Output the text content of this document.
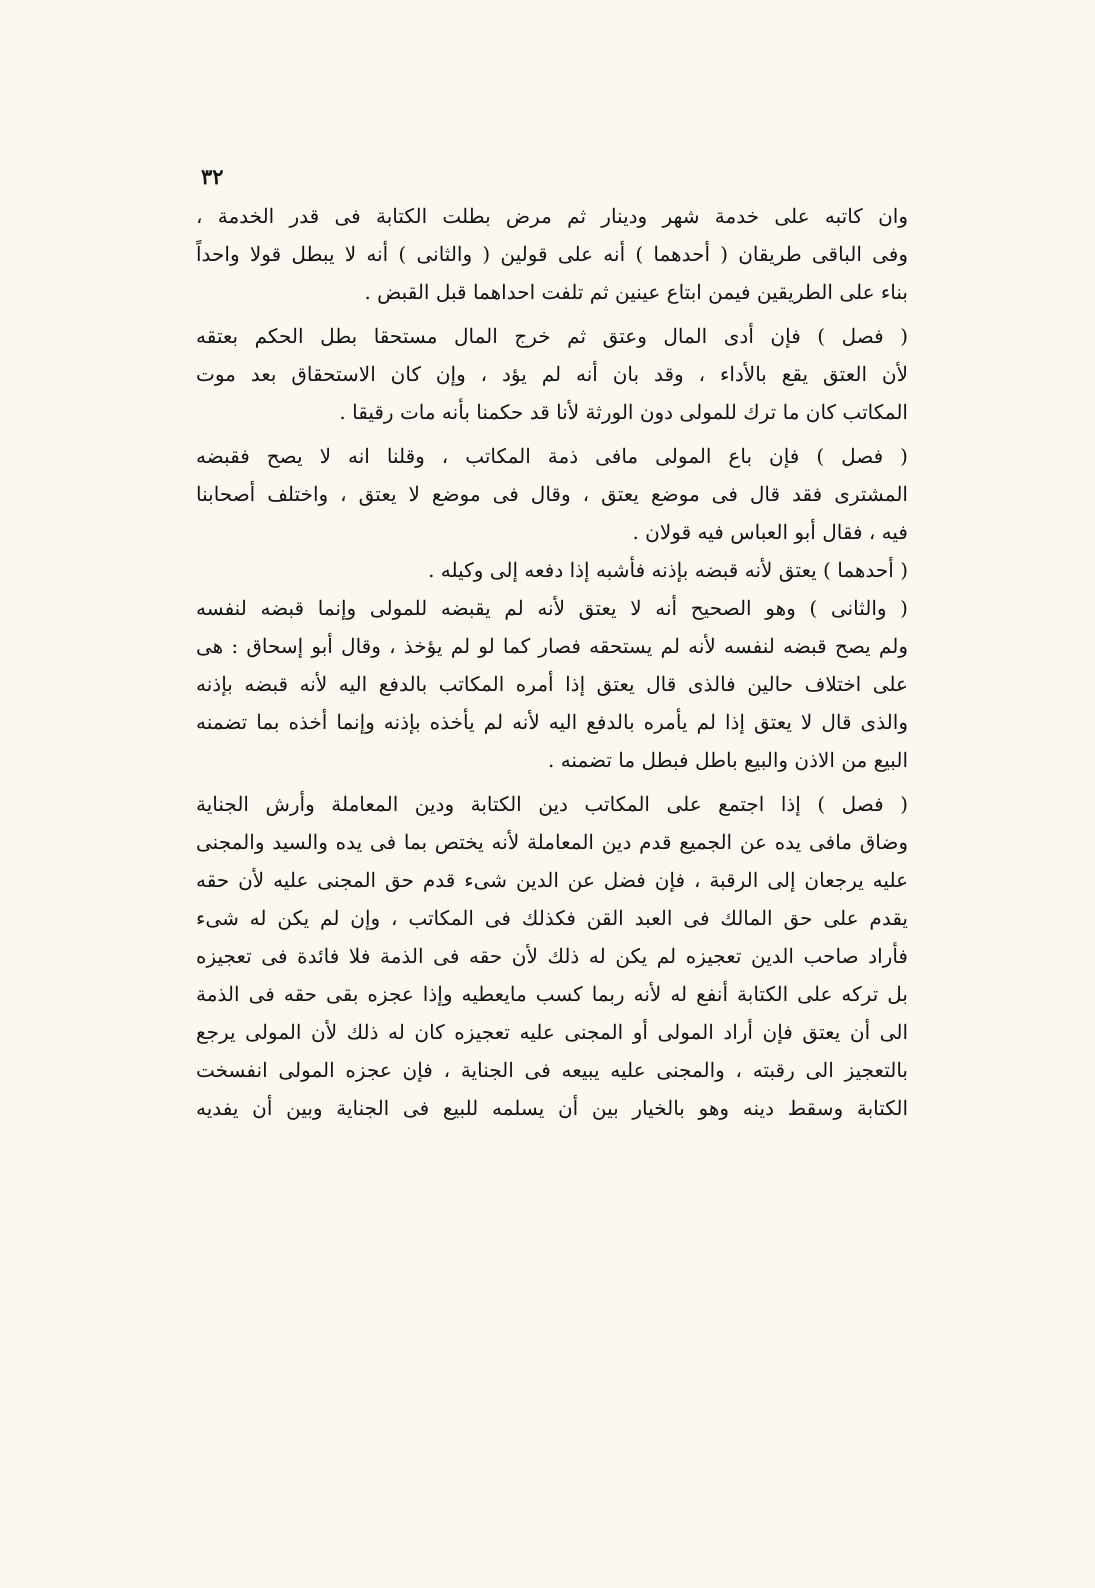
٣٢
وان كاتبه على خدمة شهر ودينار ثم مرض بطلت الكتابة فى قدر الخدمة ،
وفى الباقى طريقان ( أحدهما ) أنه على قولين ( والثانى ) أنه لا يبطل قولا واحداً
بناء على الطريقين فيمن ابتاع عينين ثم تلفت احداهما قبل القبض .
( فصل ) فإن أدى المال وعتق ثم خرج المال مستحقا بطل الحكم بعتقه
لأن العتق يقع بالأداء ، وقد بان أنه لم يؤد ، وإن كان الاستحقاق بعد موت
المكاتب كان ما ترك للمولى دون الورثة لأنا قد حكمنا بأنه مات رقيقا .
( فصل ) فإن باع المولى مافى ذمة المكاتب ، وقلنا انه لا يصح فقبضه
المشترى فقد قال فى موضع يعتق ، وقال فى موضع لا يعتق ، واختلف أصحابنا
فيه ، فقال أبو العباس فيه قولان .
( أحدهما ) يعتق لأنه قبضه بإذنه فأشبه إذا دفعه إلى وكيله .
( والثانى ) وهو الصحيح أنه لا يعتق لأنه لم يقبضه للمولى وإنما قبضه لنفسه
ولم يصح قبضه لنفسه لأنه لم يستحقه فصار كما لو لم يؤخذ ، وقال أبو إسحاق : هى
على اختلاف حالين فالذى قال يعتق إذا أمره المكاتب بالدفع اليه لأنه قبضه بإذنه
والذى قال لا يعتق إذا لم يأمره بالدفع اليه لأنه لم يأخذه بإذنه وإنما أخذه بما تضمنه
البيع من الاذن والبيع باطل فبطل ما تضمنه .
( فصل ) إذا اجتمع على المكاتب دين الكتابة ودين المعاملة وأرش الجناية
وضاق مافى يده عن الجميع قدم دين المعاملة لأنه يختص بما فى يده والسيد والمجنى
عليه يرجعان إلى الرقبة ، فإن فضل عن الدين شىء قدم حق المجنى عليه لأن حقه
يقدم على حق المالك فى العبد القن فكذلك فى المكاتب ، وإن لم يكن له شىء
فأراد صاحب الدين تعجيزه لم يكن له ذلك لأن حقه فى الذمة فلا فائدة فى تعجيزه
بل تركه على الكتابة أنفع له لأنه ربما كسب مايعطيه وإذا عجزه بقى حقه فى الذمة
الى أن يعتق فإن أراد المولى أو المجنى عليه تعجيزه كان له ذلك لأن المولى يرجع
بالتعجيز الى رقبته ، والمجنى عليه يبيعه فى الجناية ، فإن عجزه المولى انفسخت
الكتابة وسقط دينه وهو بالخيار بين أن يسلمه للبيع فى الجناية وبين أن يفديه
